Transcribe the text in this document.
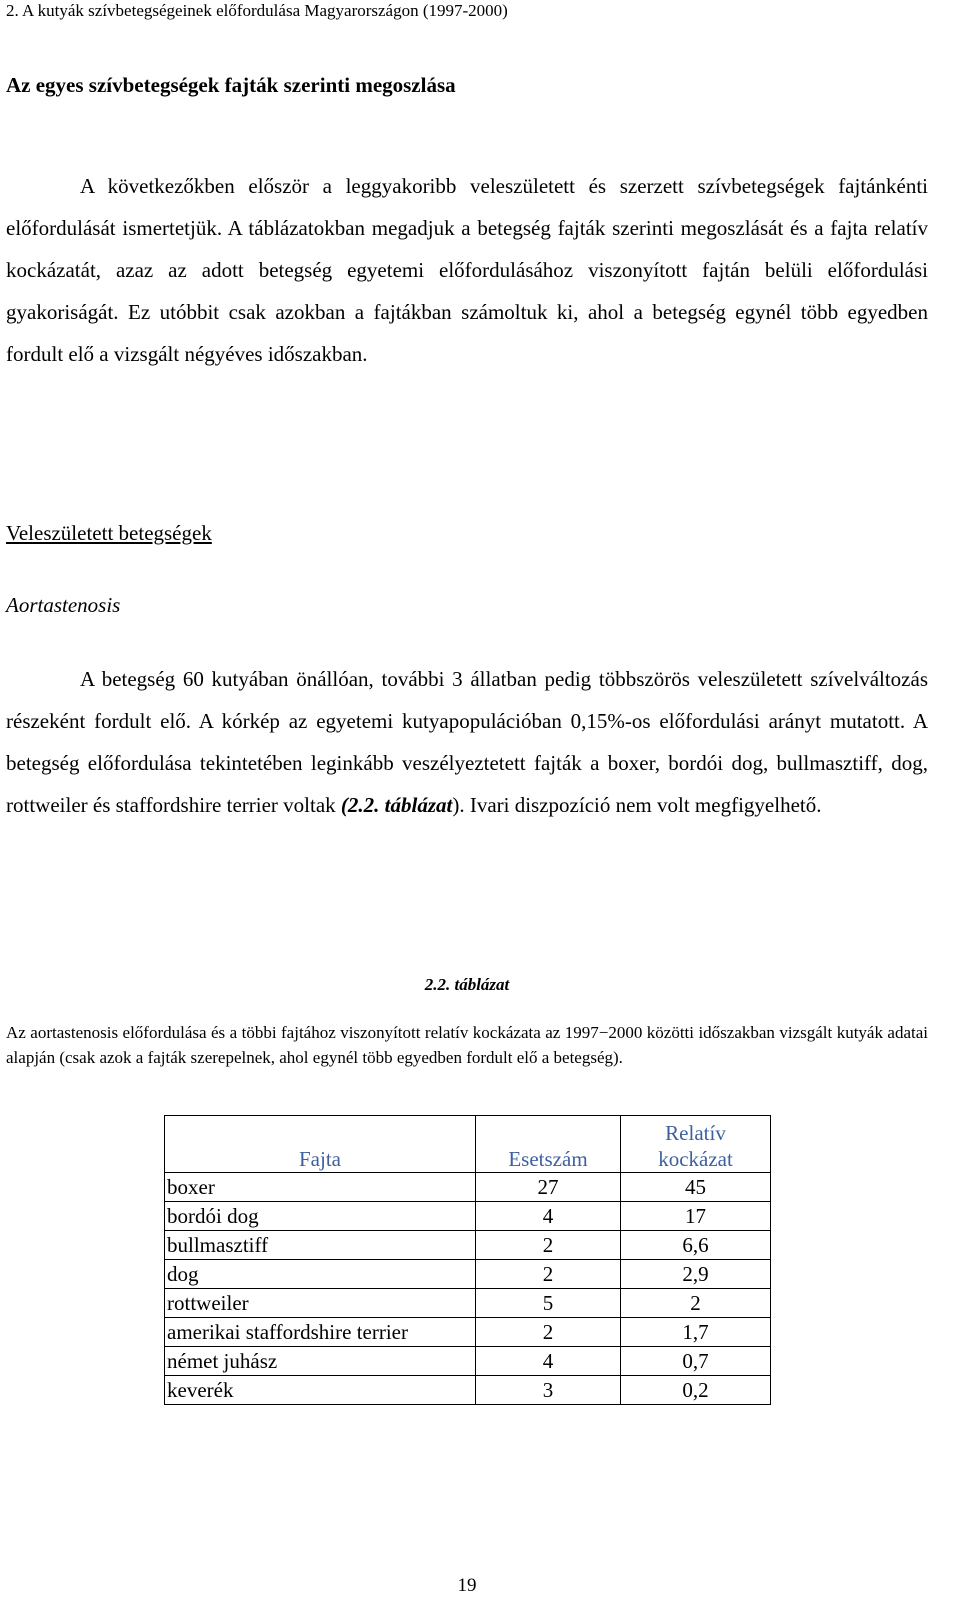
2. A kutyák szívbetegségeinek előfordulása Magyarországon (1997-2000)
Az egyes szívbetegségek fajták szerinti megoszlása

A következőkben először a leggyakoribb veleszületett és szerzett szívbetegségek fajtánkénti előfordulását ismertetjük. A táblázatokban megadjuk a betegség fajták szerinti megoszlását és a fajta relatív kockázatát, azaz az adott betegség egyetemi előfordulásához viszonyított fajtán belüli előfordulási gyakoriságát. Ez utóbbit csak azokban a fajtákban számoltuk ki, ahol a betegség egynél több egyedben fordult elő a vizsgált négyéves időszakban.

Veleszületett betegségek
Aortastenosis

A betegség 60 kutyában önállóan, további 3 állatban pedig többszörös veleszületett szívelváltozás részeként fordult elő. A kórkép az egyetemi kutyapopulációban 0,15%-os előfordulási arányt mutatott. A betegség előfordulása tekintetében leginkább veszélyeztetett fajták a boxer, bordói dog, bullmasztiff, dog, rottweiler és staffordshire terrier voltak (2.2. táblázat). Ivari diszpozíció nem volt megfigyelhető.

2.2. táblázat

Az aortastenosis előfordulása és a többi fajtához viszonyított relatív kockázata az 1997−2000 közötti időszakban vizsgált kutyák adatai alapján (csak azok a fajták szerepelnek, ahol egynél több egyedben fordult elő a betegség).

Fajta	Esetszám	Relatív
kockázat
boxer	27	45
bordói dog	4	17
bullmasztiff	2	6,6
dog	2	2,9
rottweiler	5	2
amerikai staffordshire terrier	2	1,7
német juhász	4	0,7
keverék	3	0,2
19
